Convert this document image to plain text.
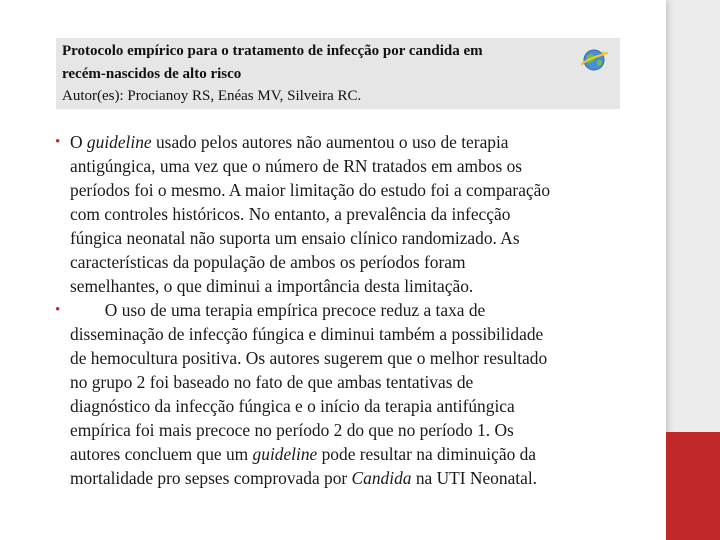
Protocolo empírico para o tratamento de infecção por candida em
recém-nascidos de alto risco
Autor(es): Procianoy RS, Enéas MV, Silveira RC.
• O guideline usado pelos autores não aumentou o uso de terapia
antigúngica, uma vez que o número de RN tratados em ambos os
períodos foi o mesmo. A maior limitação do estudo foi a comparação
com controles históricos. No entanto, a prevalência da infecção
fúngica neonatal não suporta um ensaio clínico randomizado. As
características da população de ambos os períodos foram
semelhantes, o que diminui a importância desta limitação.
• O uso de uma terapia empírica precoce reduz a taxa de
disseminação de infecção fúngica e diminui também a possibilidade
de hemocultura positiva. Os autores sugerem que o melhor resultado
no grupo 2 foi baseado no fato de que ambas tentativas de
diagnóstico da infecção fúngica e o início da terapia antifúngica
empírica foi mais precoce no período 2 do que no período 1. Os
autores concluem que um guideline pode resultar na diminuição da
mortalidade pro sepses comprovada por Candida na UTI Neonatal.
